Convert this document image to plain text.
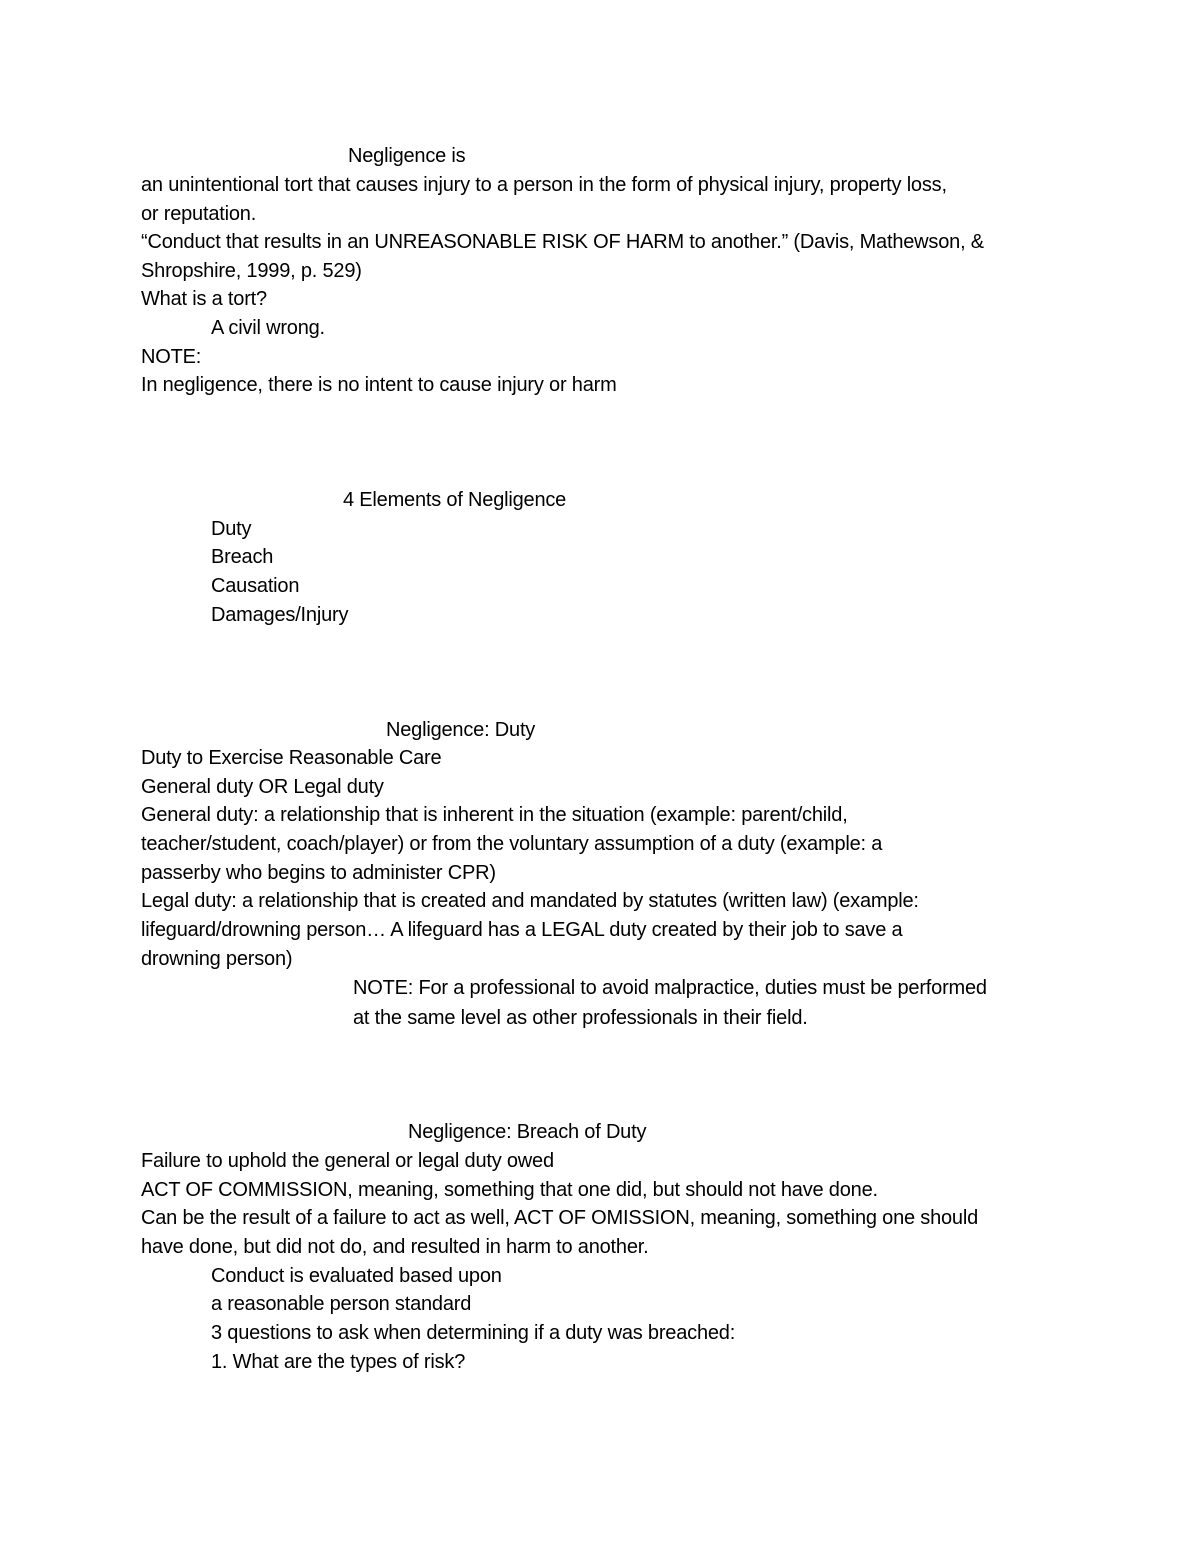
Negligence is
an unintentional tort that causes injury to a person in the form of physical injury, property loss,
or reputation.
“Conduct that results in an UNREASONABLE RISK OF HARM to another.” (Davis, Mathewson, &
Shropshire, 1999, p. 529)
What is a tort?
A civil wrong.
NOTE:
In negligence, there is no intent to cause injury or harm
4 Elements of Negligence
Duty
Breach
Causation
Damages/Injury
Negligence: Duty
Duty to Exercise Reasonable Care
General duty OR Legal duty
General duty: a relationship that is inherent in the situation (example: parent/child,
teacher/student, coach/player) or from the voluntary assumption of a duty (example: a
passerby who begins to administer CPR)
Legal duty: a relationship that is created and mandated by statutes (written law) (example:
lifeguard/drowning person… A lifeguard has a LEGAL duty created by their job to save a
drowning person)
NOTE: For a professional to avoid malpractice, duties must be performed
at the same level as other professionals in their field.
Negligence: Breach of Duty
Failure to uphold the general or legal duty owed
ACT OF COMMISSION, meaning, something that one did, but should not have done.
Can be the result of a failure to act as well, ACT OF OMISSION, meaning, something one should
have done, but did not do, and resulted in harm to another.
Conduct is evaluated based upon
a reasonable person standard
3 questions to ask when determining if a duty was breached:
1. What are the types of risk?
